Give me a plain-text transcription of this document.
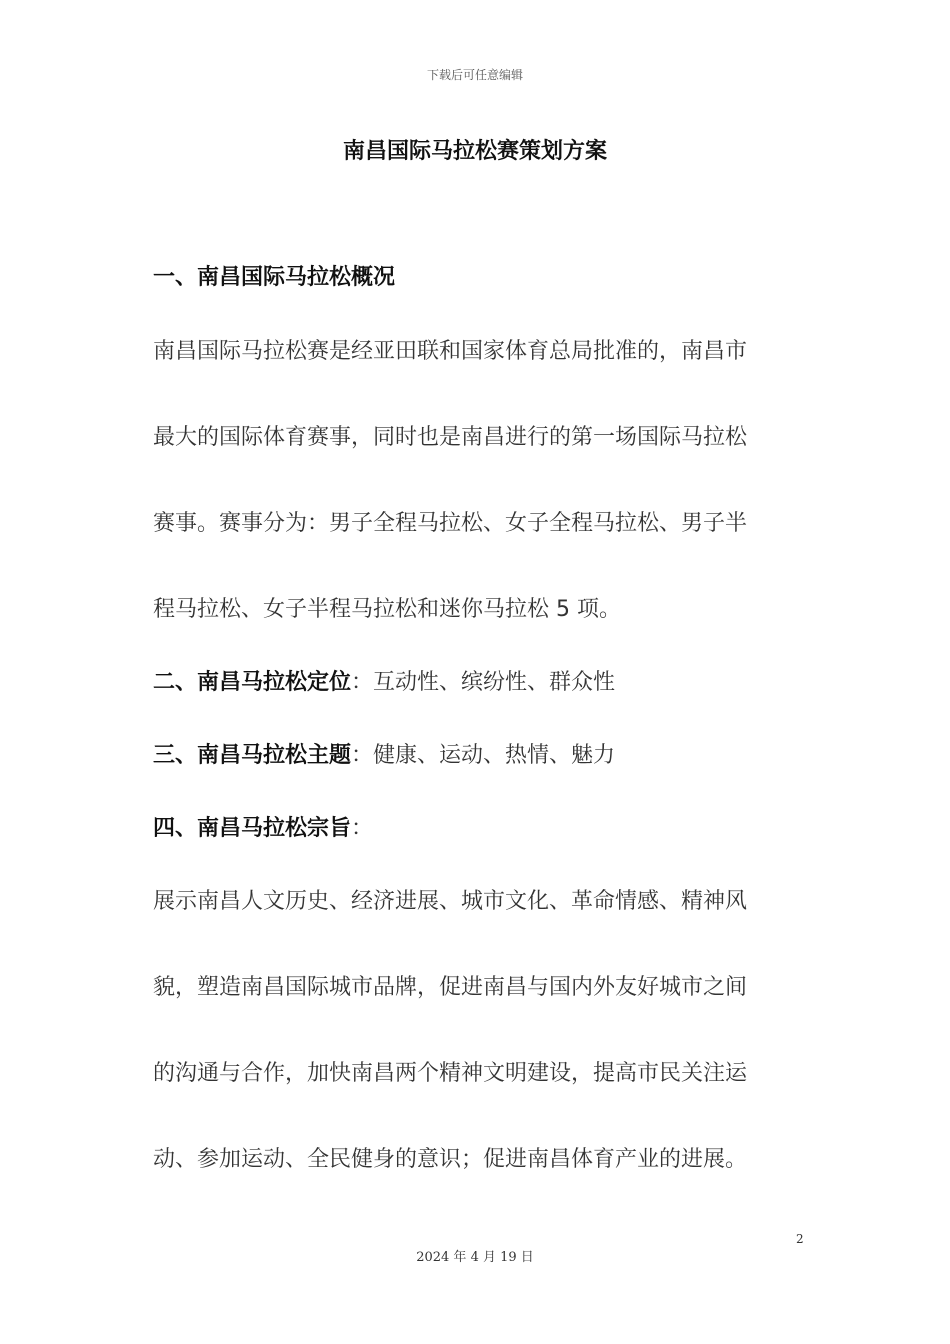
下载后可任意编辑
南昌国际马拉松赛策划方案
一、南昌国际马拉松概况

南昌国际马拉松赛是经亚田联和国家体育总局批准的，南昌市
最大的国际体育赛事，同时也是南昌进行的第一场国际马拉松
赛事。赛事分为：男子全程马拉松、女子全程马拉松、男子半
程马拉松、女子半程马拉松和迷你马拉松 5 项。

二、南昌马拉松定位：互动性、缤纷性、群众性

三、南昌马拉松主题：健康、运动、热情、魅力

四、南昌马拉松宗旨：

展示南昌人文历史、经济进展、城市文化、革命情感、精神风
貌，塑造南昌国际城市品牌，促进南昌与国内外友好城市之间
的沟通与合作，加快南昌两个精神文明建设，提高市民关注运
动、参加运动、全民健身的意识；促进南昌体育产业的进展。

2
2024 年 4 月 19 日
